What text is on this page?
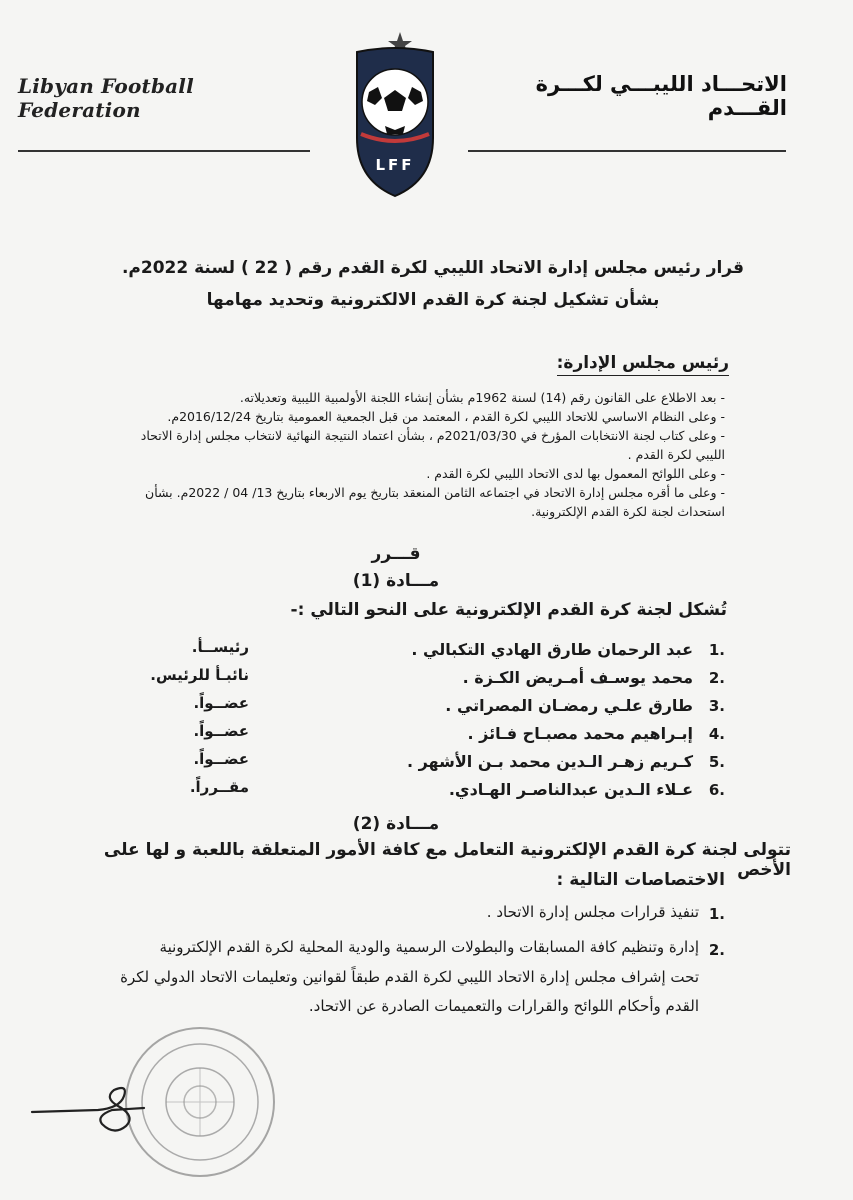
Libyan Football Federation
الاتحـــاد الليبـــي لكـــرة القـــدم
LFF
قرار رئيس مجلس إدارة الاتحاد الليبي لكرة القدم رقم ( 22 ) لسنة 2022م.
بشأن تشكيل لجنة كرة القدم الالكترونية وتحديد مهامها
رئيس مجلس الإدارة:
- بعد الاطلاع على القانون رقم (14) لسنة 1962م بشأن إنشاء اللجنة الأولمبية الليبية وتعديلاته.
- وعلى النظام الاساسي للاتحاد الليبي لكرة القدم ، المعتمد من قبل الجمعية العمومية بتاريخ 2016/12/24م.
- وعلى كتاب لجنة الانتخابات المؤرخ في 2021/03/30م ، بشأن اعتماد النتيجة النهائية لانتخاب مجلس إدارة الاتحاد
الليبي لكرة القدم .
- وعلى اللوائح المعمول بها لدى الاتحاد الليبي لكرة القدم .
- وعلى ما أقره مجلس إدارة الاتحاد في اجتماعه الثامن المنعقد بتاريخ يوم الاربعاء بتاريخ 13/ 04 / 2022م. بشأن
استحداث لجنة لكرة القدم الإلكترونية.
قـــرر
مـــادة (1)
تُشكل لجنة كرة القدم الإلكترونية على النحو التالي :-
1.
عبد الرحمان طارق الهادي التكبالي .
رئيســأ.
2.
محمد يوسـف أمـريض الكـزة .
نائبـأ للرئيس.
3.
طارق علـي رمضـان المصراتي .
عضــواً.
4.
إبـراهيم محمد مصبـاح فـائز .
عضــواً.
5.
كـريم زهـر الـدين محمد بـن الأشهر .
عضــواً.
6.
عـلاء الـدين عبدالناصـر الهـادي.
مقــرراً.
مـــادة (2)
تتولى لجنة كرة القدم الإلكترونية التعامل مع كافة الأمور المتعلقة باللعبة و لها على الأخص
الاختصاصات التالية :
1.
تنفيذ قرارات مجلس إدارة الاتحاد .
2.
إدارة وتنظيم كافة المسابقات والبطولات الرسمية والودية المحلية لكرة القدم الإلكترونية
تحت إشراف مجلس إدارة الاتحاد الليبي لكرة القدم طبقاً لقوانين وتعليمات الاتحاد الدولي لكرة
القدم وأحكام اللوائح والقرارات والتعميمات الصادرة عن الاتحاد.
